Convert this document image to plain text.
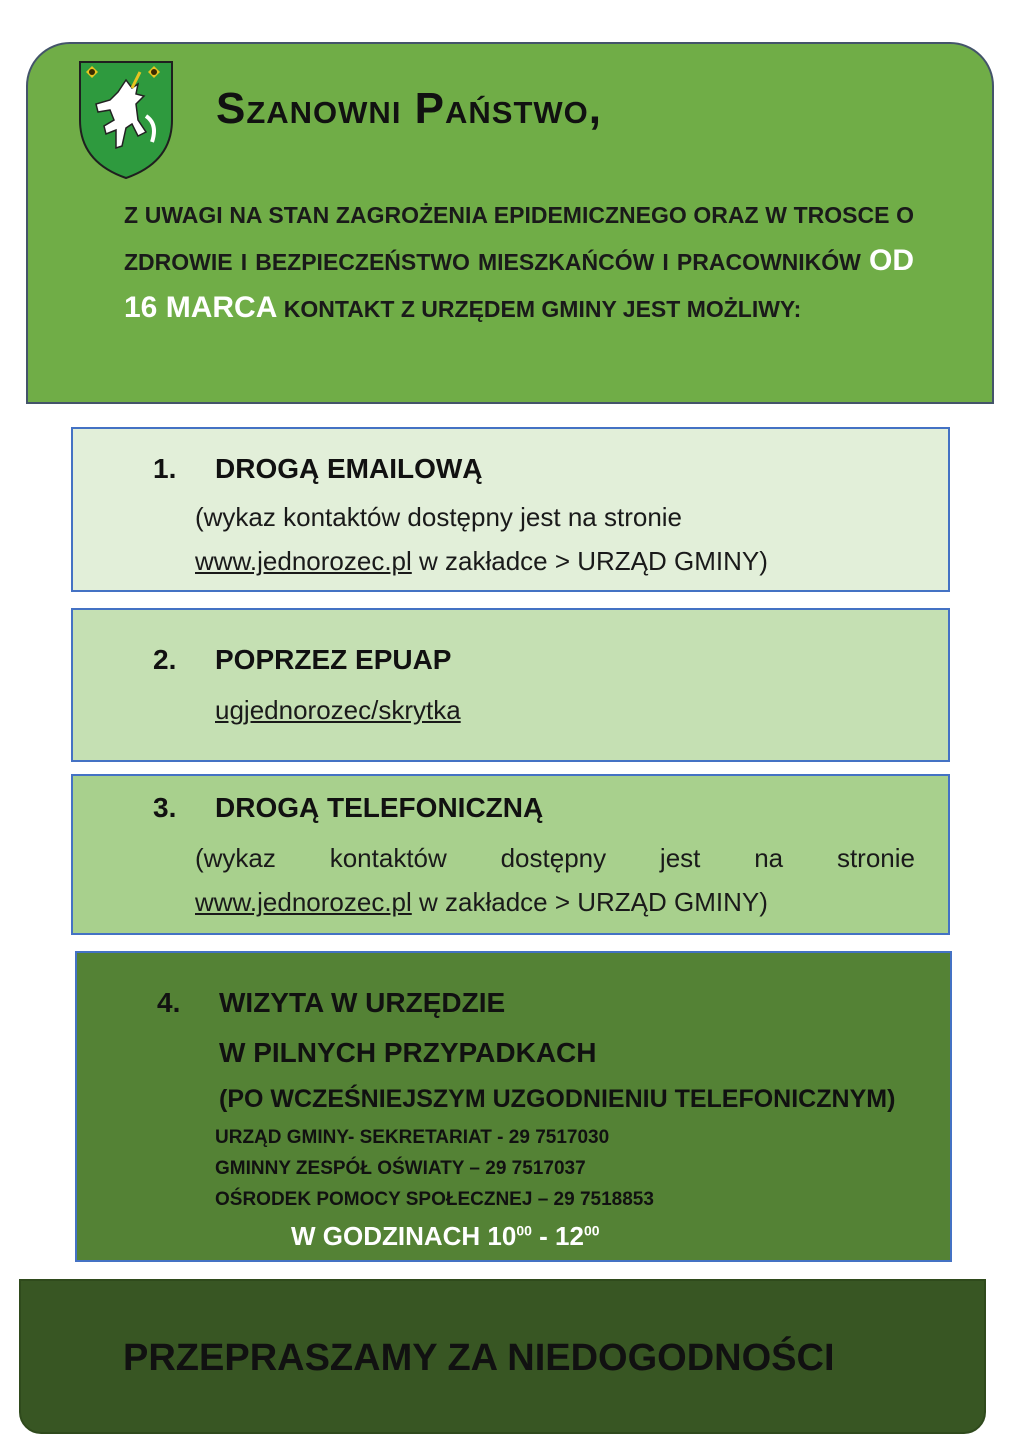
Szanowni Państwo,

Z UWAGI NA STAN ZAGROŻENIA EPIDEMICZNEGO ORAZ W TROSCE O ZDROWIE I BEZPIECZEŃSTWO MIESZKAŃCÓW I PRACOWNIKÓW OD 16 MARCA KONTAKT Z URZĘDEM GMINY JEST MOŻLIWY:

1. DROGĄ EMAILOWĄ
(wykaz kontaktów dostępny jest na stronie
www.jednorozec.pl w zakładce > URZĄD GMINY)
2. POPRZEZ EPUAP
ugjednorozec/skrytka
3. DROGĄ TELEFONICZNĄ
(wykaz kontaktów dostępny jest na stronie
www.jednorozec.pl w zakładce > URZĄD GMINY)
4. WIZYTA W URZĘDZIE
W PILNYCH PRZYPADKACH
(PO WCZEŚNIEJSZYM UZGODNIENIU TELEFONICZNYM)
URZĄD GMINY- SEKRETARIAT - 29 7517030
GMINNY ZESPÓŁ OŚWIATY – 29 7517037
OŚRODEK POMOCY SPOŁECZNEJ – 29 7518853
W GODZINACH $10^{00} - 12^{00}$
PRZEPRASZAMY ZA NIEDOGODNOŚCI
